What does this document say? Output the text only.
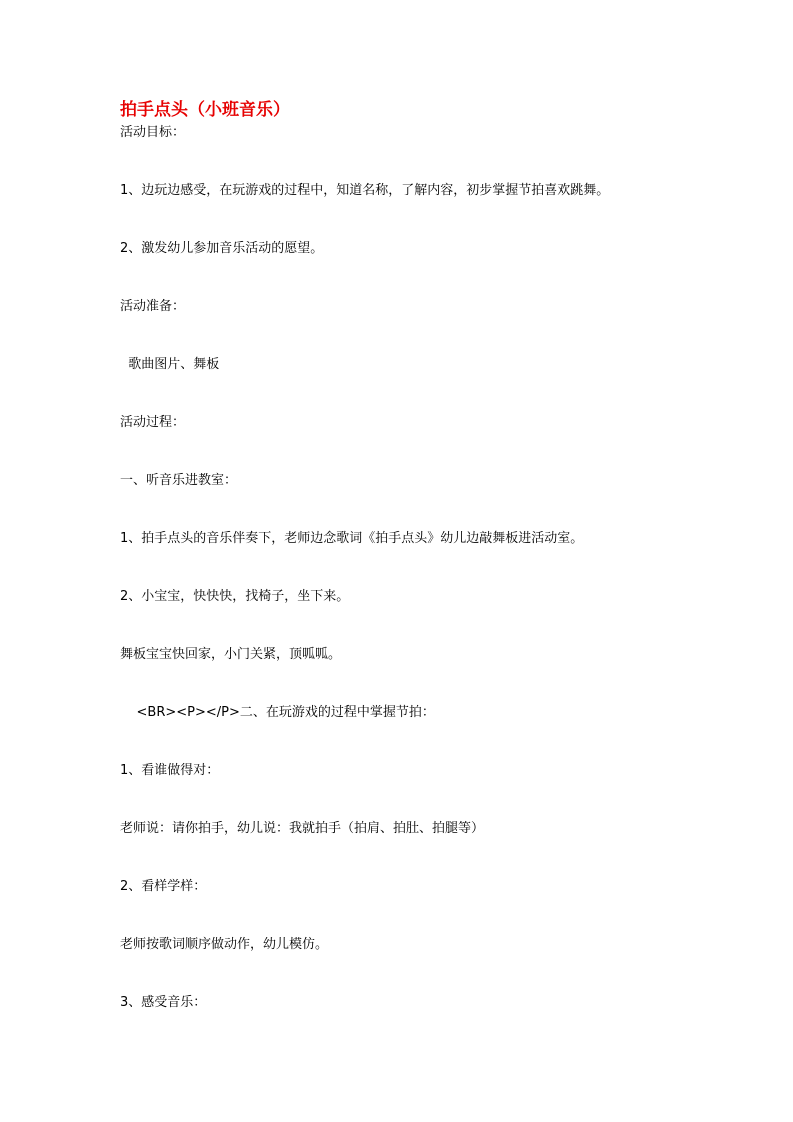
拍手点头（小班音乐）
活动目标：
1、边玩边感受，在玩游戏的过程中，知道名称，了解内容，初步掌握节拍喜欢跳舞。
2、激发幼儿参加音乐活动的愿望。
活动准备：
歌曲图片、舞板
活动过程：
一、听音乐进教室：
1、拍手点头的音乐伴奏下，老师边念歌词《拍手点头》幼儿边敲舞板进活动室。
2、小宝宝，快快快，找椅子，坐下来。
舞板宝宝快回家，小门关紧，顶呱呱。
<BR><P></P>二、在玩游戏的过程中掌握节拍：
1、看谁做得对：
老师说：请你拍手，幼儿说：我就拍手（拍肩、拍肚、拍腿等）
2、看样学样：
老师按歌词顺序做动作，幼儿模仿。
3、感受音乐：
